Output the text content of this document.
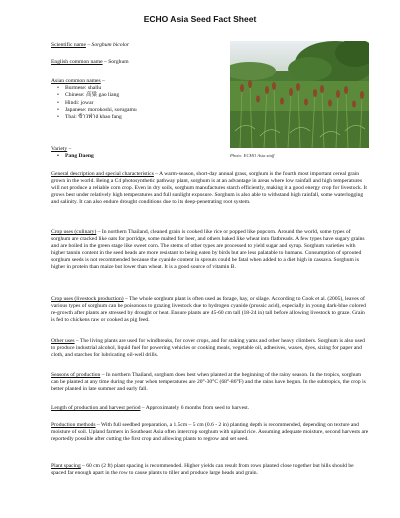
ECHO Asia Seed Fact Sheet
Scientific name – Sorghum bicolor
English common name – Sorghum
Asian common names –
• Burmese: shallu
• Chinese: 高粱 gao liang
• Hindi: jowar
• Japanese: morokoshi, sorugamu
• Thai: ข้าวฟ่าง khao fang
Variety –
• Pang Daeng	Photo: ECHO Asia staff
General description and special characteristics – A warm-season, short-day annual grass, sorghum is the fourth most important cereal grain grown in the world. Being a C4 photosynthetic pathway plant, sorghum is at an advantage in areas where low rainfall and high temperatures will not produce a reliable corn crop. Even in dry soils, sorghum manufactures starch efficiently, making it a good energy crop for livestock. It grows best under relatively high temperatures and full sunlight exposure. Sorghum is also able to withstand high rainfall, some waterlogging and salinity. It can also endure drought conditions due to its deep-penetrating root system.
Crop uses (culinary) – In northern Thailand, cleaned grain is cooked like rice or popped like popcorn. Around the world, some types of sorghum are cracked like oats for porridge, some malted for beer, and others baked like wheat into flatbreads. A few types have sugary grains and are boiled in the green stage like sweet corn. The stems of other types are processed to yield sugar and syrup. Sorghum varieties with higher tannin content in the seed heads are more resistant to being eaten by birds but are less palatable to humans. Consumption of sprouted sorghum seeds is not recommended because the cyanide content in sprouts could be fatal when added to a diet high in cassava. Sorghum is higher in protein than maize but lower than wheat. It is a good source of vitamin B.
Crop uses (livestock production) – The whole sorghum plant is often used as forage, hay, or silage. According to Cook et al. (2005), leaves of various types of sorghum can be poisonous to grazing livestock due to hydrogen cyanide (prussic acid), especially in young dark-blue colored re-growth after plants are stressed by drought or heat. Ensure plants are 45-60 cm tall (18-24 in) tall before allowing livestock to graze. Grain is fed to chickens raw or cooked as pig feed.
Other uses – The living plants are used for windbreaks, for cover crops, and for staking yams and other heavy climbers. Sorghum is also used to produce industrial alcohol, liquid fuel for powering vehicles or cooking meals, vegetable oil, adhesives, waxes, dyes, sizing for paper and cloth, and starches for lubricating oil-well drills.
Seasons of production – In northern Thailand, sorghum does best when planted at the beginning of the rainy season. In the tropics, sorghum can be planted at any time during the year when temperatures are 20°-30°C (68°-86°F) and the rains have begun. In the subtropics, the crop is better planted in late summer and early fall.
Length of production and harvest period – Approximately 6 months from seed to harvest.
Production methods – With full seedbed preparation, a 1.5cm – 5 cm (0.6 - 2 in) planting depth is recommended, depending on texture and moisture of soil. Upland farmers in Southeast Asia often intercrop sorghum with upland rice. Assuming adequate moisture, second harvests are reportedly possible after cutting the first crop and allowing plants to regrow and set seed.
Plant spacing – 60 cm (2 ft) plant spacing is recommended. Higher yields can result from rows planted close together but hills should be spaced far enough apart in the row to cause plants to tiller and produce large heads and grain.
